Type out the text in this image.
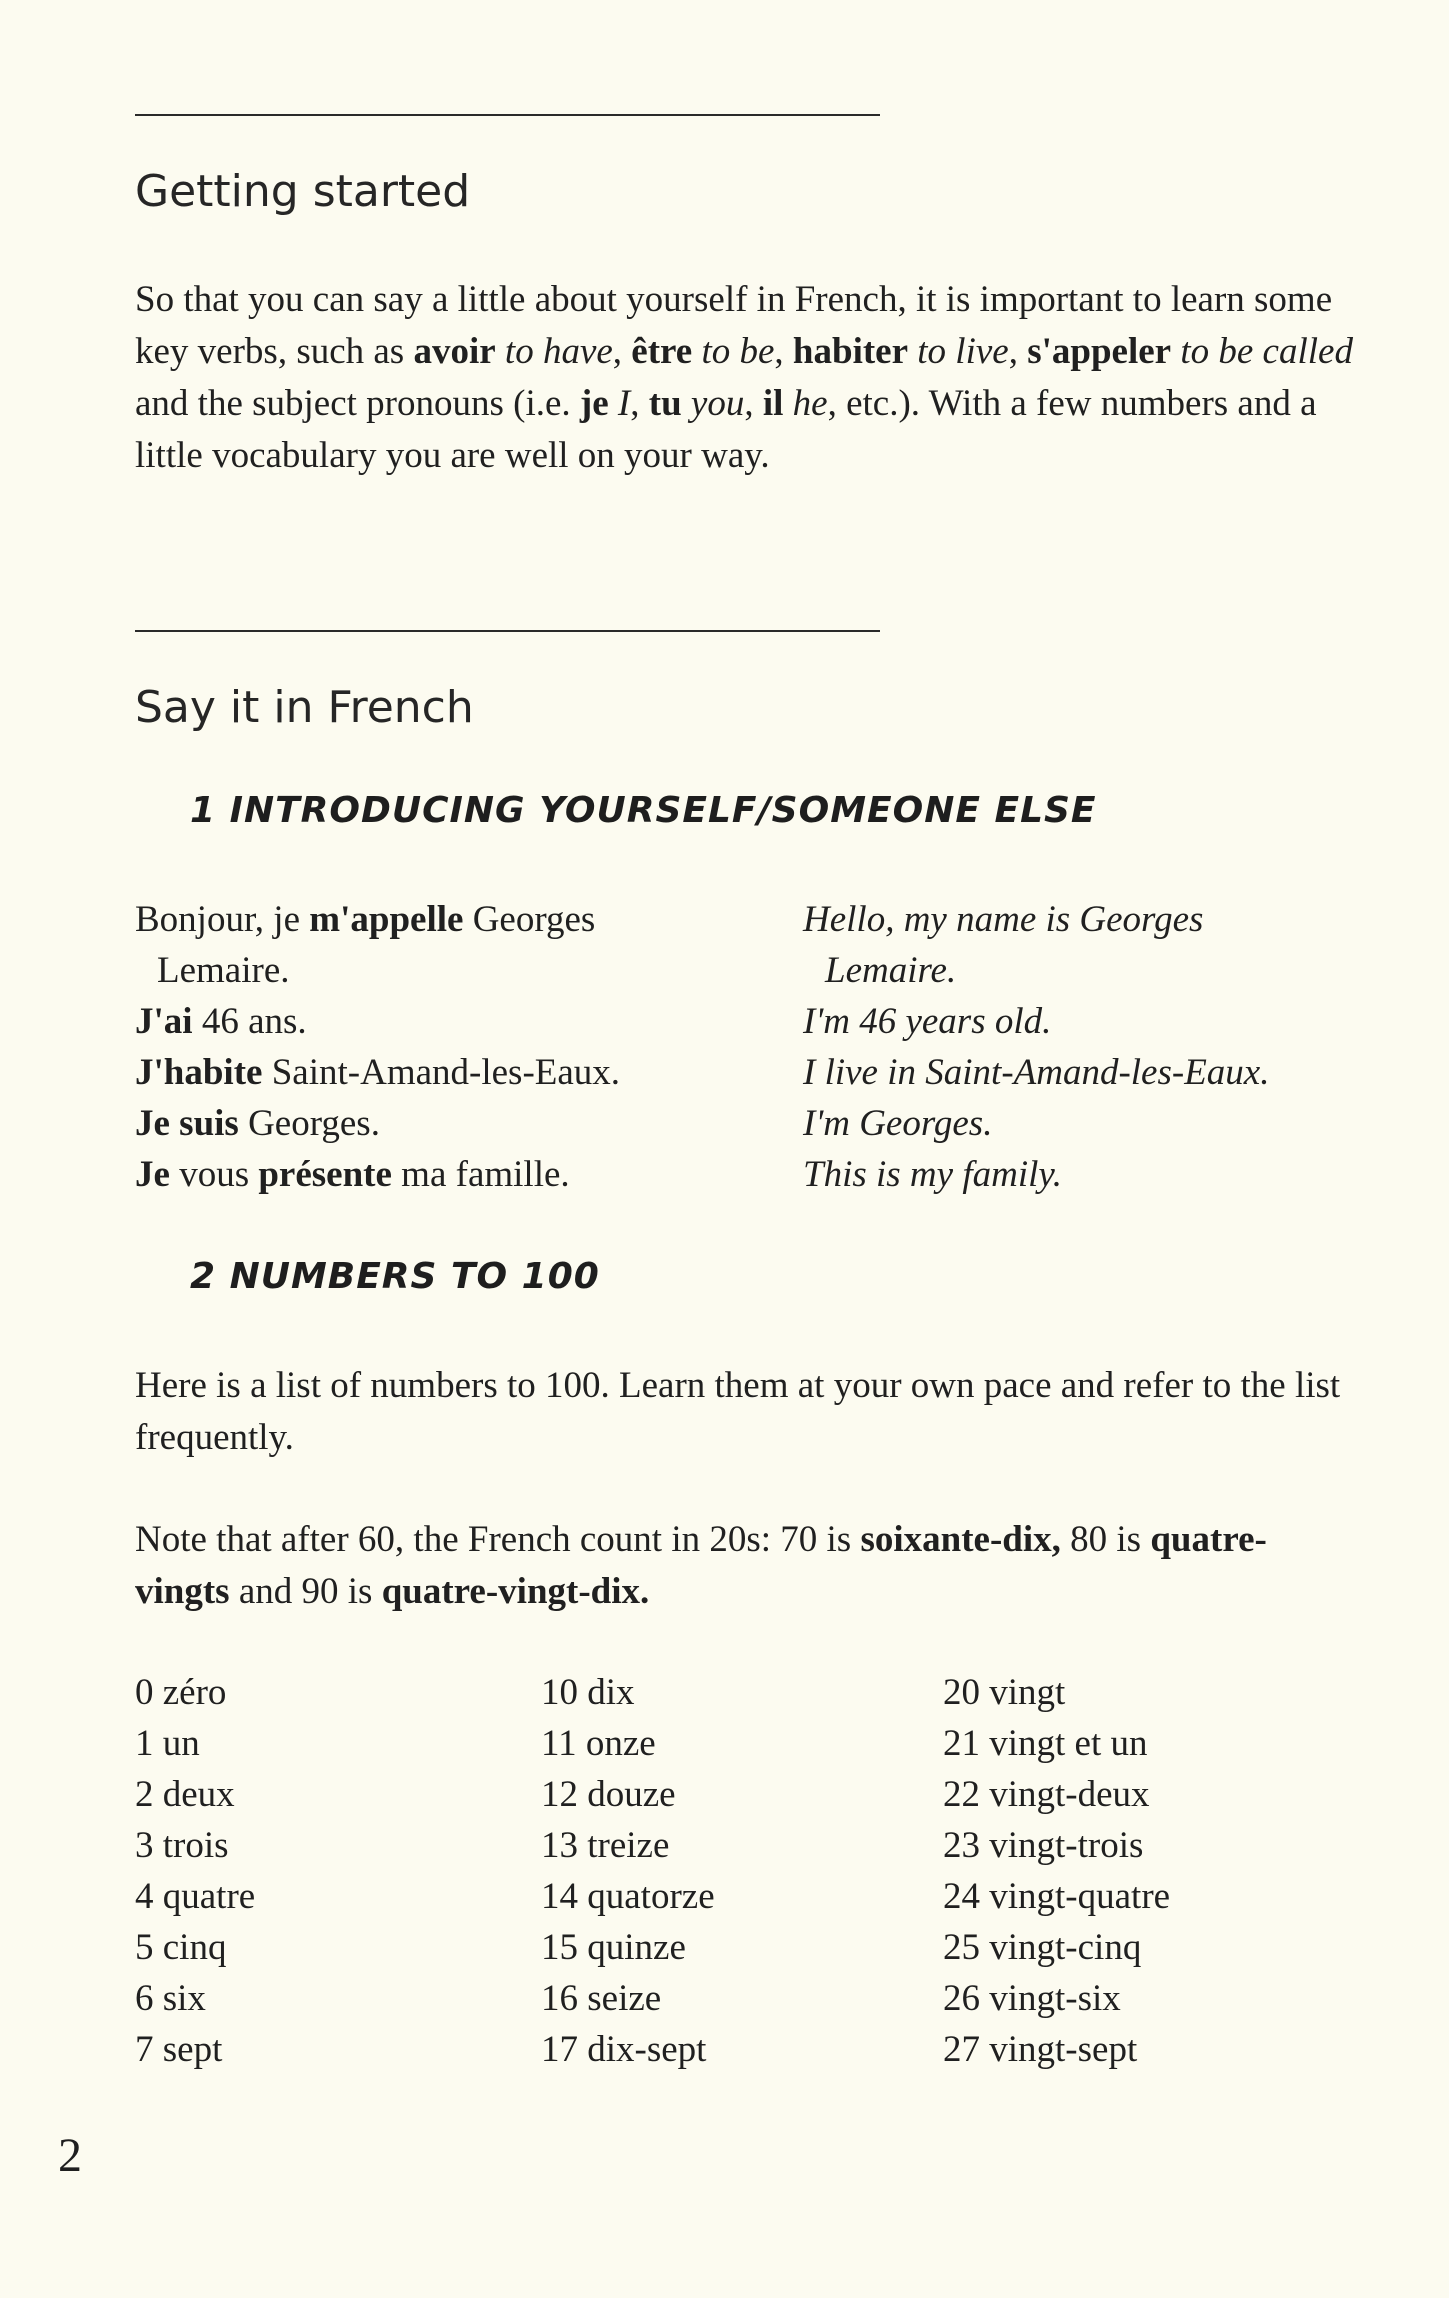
Getting started
So that you can say a little about yourself in French, it is important to learn some key verbs, such as avoir to have, être to be, habiter to live, s'appeler to be called and the subject pronouns (i.e. je I, tu you, il he, etc.). With a few numbers and a little vocabulary you are well on your way.
Say it in French
1 INTRODUCING YOURSELF/SOMEONE ELSE
Bonjour, je m'appelle Georges
Lemaire.
J'ai 46 ans.
J'habite Saint-Amand-les-Eaux.
Je suis Georges.
Je vous présente ma famille.
Hello, my name is Georges
Lemaire.
I'm 46 years old.
I live in Saint-Amand-les-Eaux.
I'm Georges.
This is my family.
2 NUMBERS TO 100
Here is a list of numbers to 100. Learn them at your own pace and refer to the list frequently.
Note that after 60, the French count in 20s: 70 is soixante-dix, 80 is quatre-vingts and 90 is quatre-vingt-dix.
0 zéro
1 un
2 deux
3 trois
4 quatre
5 cinq
6 six
7 sept
10 dix
11 onze
12 douze
13 treize
14 quatorze
15 quinze
16 seize
17 dix-sept
20 vingt
21 vingt et un
22 vingt-deux
23 vingt-trois
24 vingt-quatre
25 vingt-cinq
26 vingt-six
27 vingt-sept
2
